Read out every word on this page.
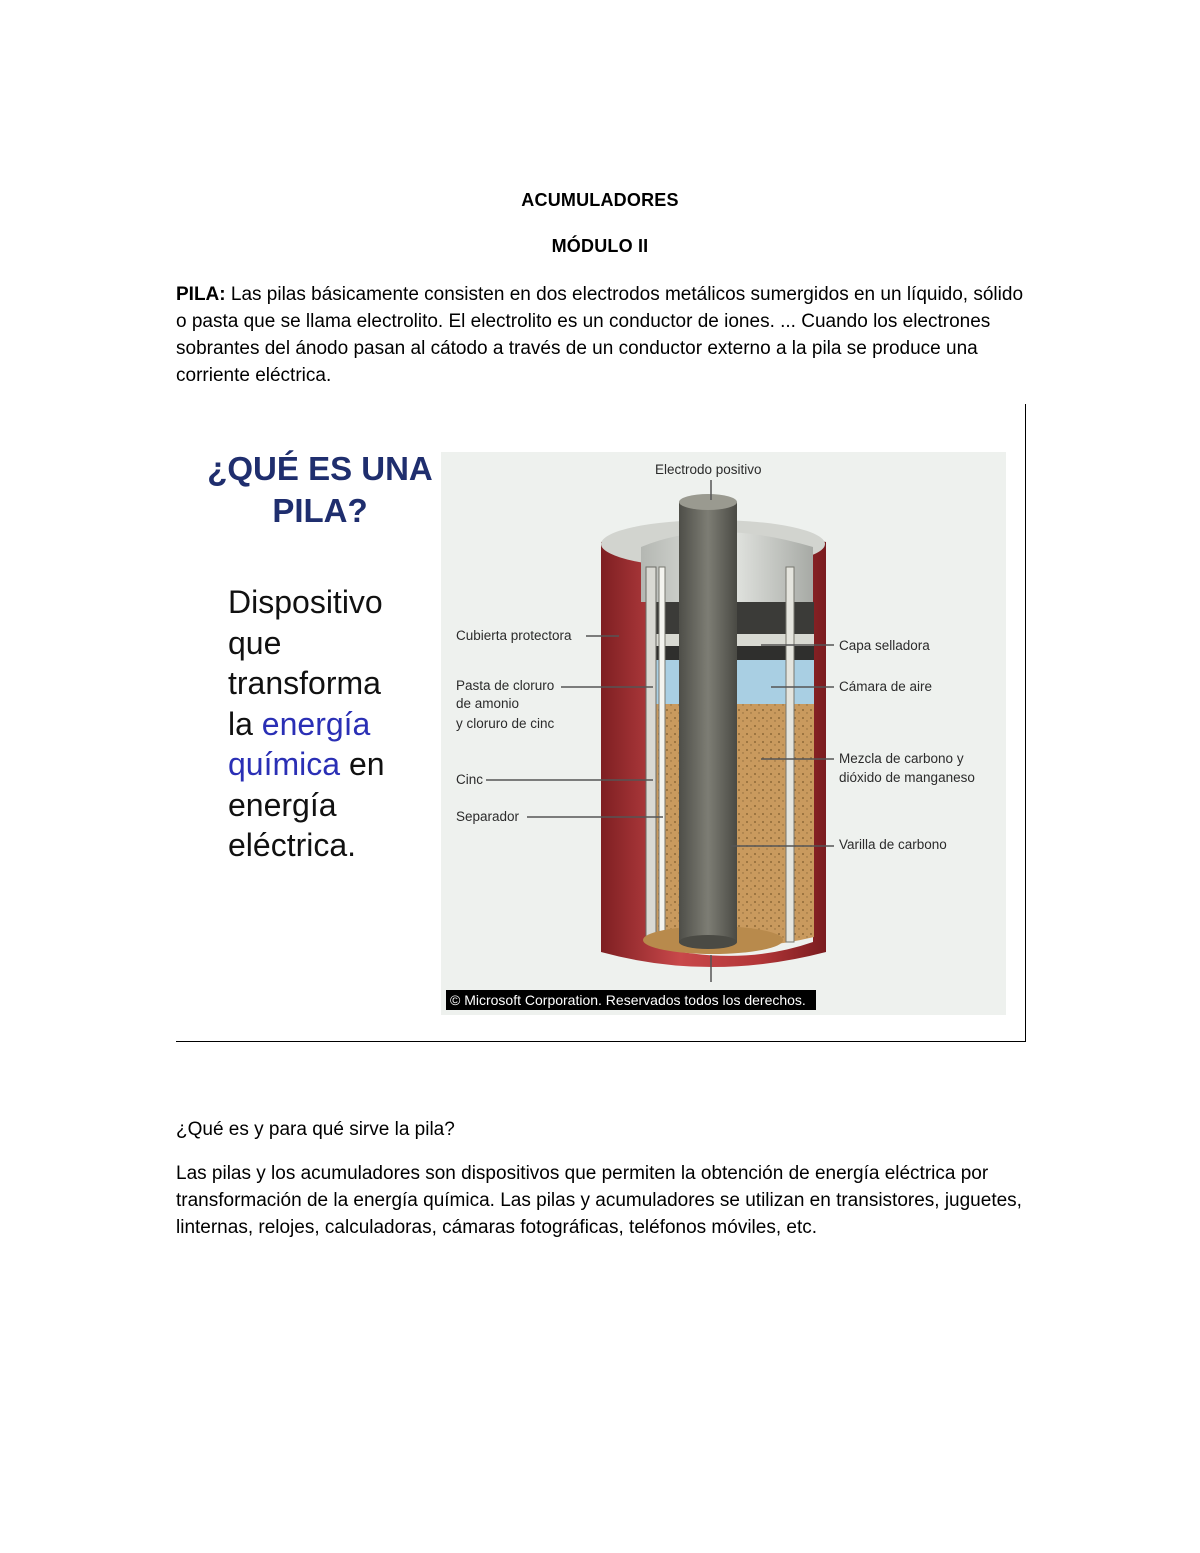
ACUMULADORES
MÓDULO II

PILA: Las pilas básicamente consisten en dos electrodos metálicos sumergidos en un líquido, sólido o pasta que se llama electrolito. El electrolito es un conductor de iones. ... Cuando los electrones sobrantes del ánodo pasan al cátodo a través de un conductor externo a la pila se produce una corriente eléctrica.

¿QUÉ ES UNA
PILA?
Dispositivo
que
transforma
la energía
química en
energía
eléctrica.
Electrodo positivo
Cubierta protectora
Pasta de cloruro
de amonio
y cloruro de cinc
Cinc
Separador
Capa selladora
Cámara de aire
Mezcla de carbono y
dióxido de manganeso
Varilla de carbono
© Microsoft Corporation. Reservados todos los derechos.

¿Qué es y para qué sirve la pila?

Las pilas y los acumuladores son dispositivos que permiten la obtención de energía eléctrica por transformación de la energía química. Las pilas y acumuladores se utilizan en transistores, juguetes, linternas, relojes, calculadoras, cámaras fotográficas, teléfonos móviles, etc.
